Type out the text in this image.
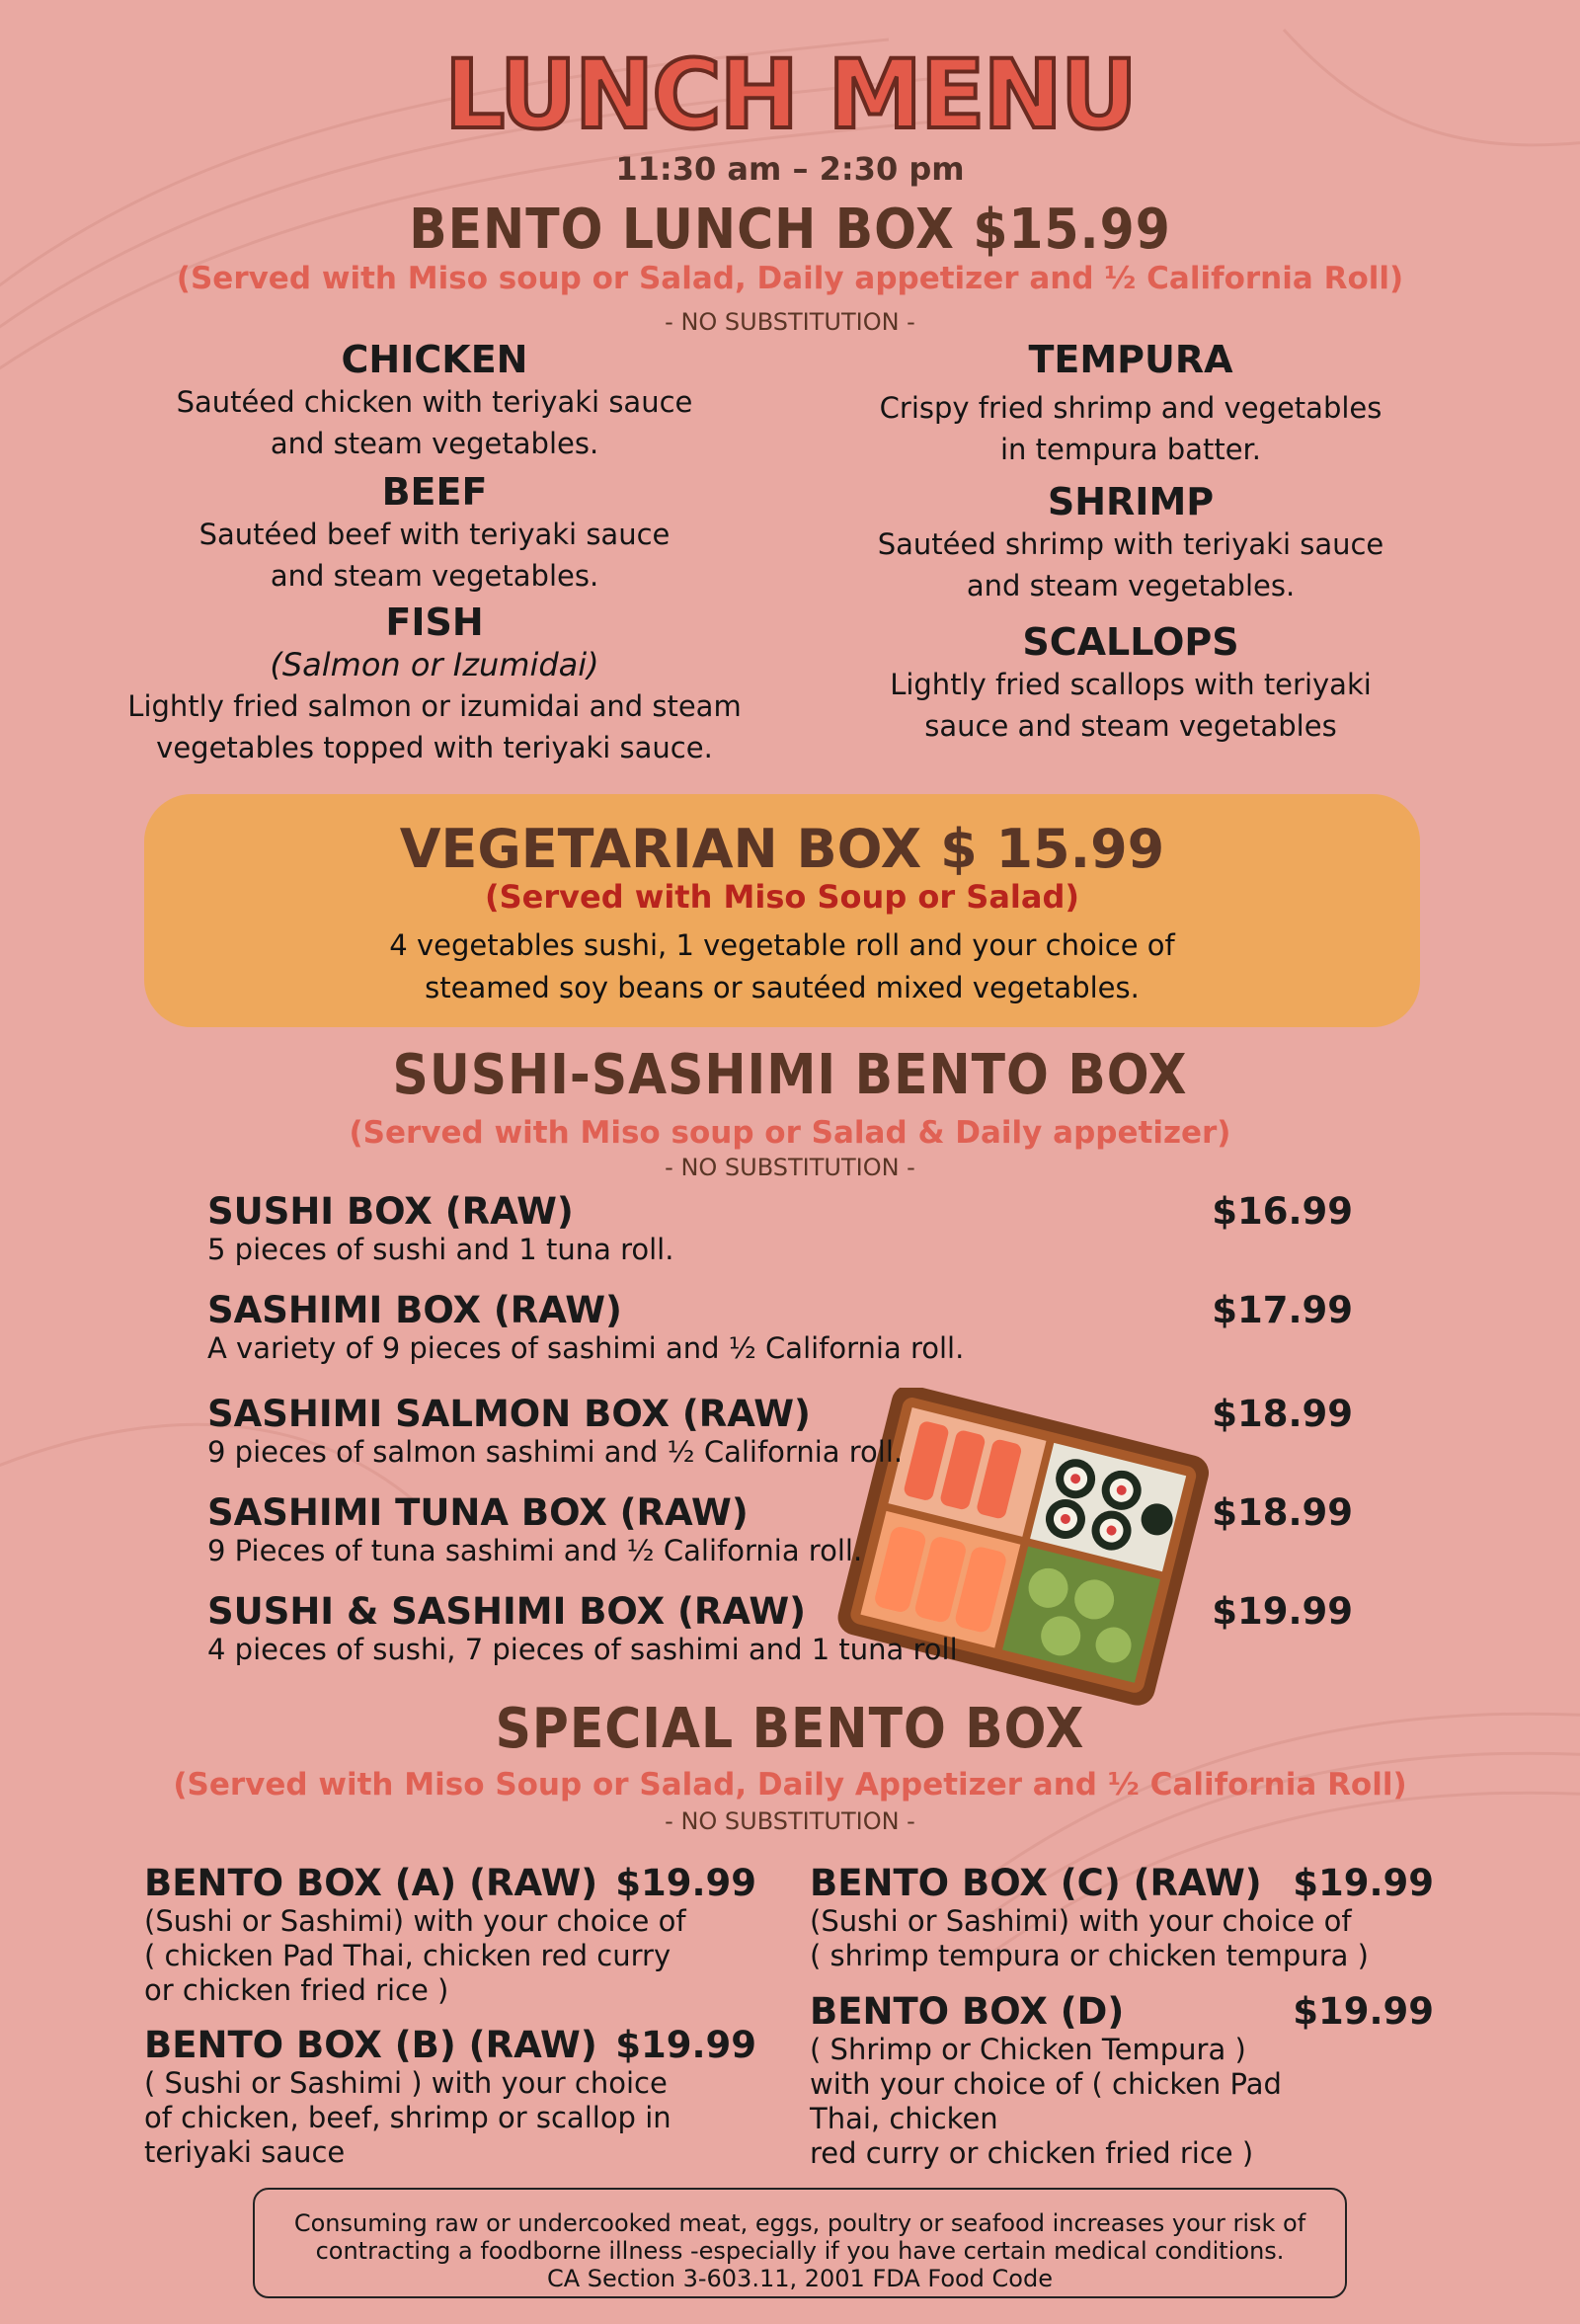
LUNCH MENU
11:30 am – 2:30 pm
BENTO LUNCH BOX $15.99
(Served with Miso soup or Salad, Daily appetizer and ½ California Roll)
- NO SUBSTITUTION -
CHICKEN
Sautéed chicken with teriyaki sauce
and steam vegetables.
BEEF
Sautéed beef with teriyaki sauce
and steam vegetables.
FISH
(Salmon or Izumidai)
Lightly fried salmon or izumidai and steam
vegetables topped with teriyaki sauce.
TEMPURA
Crispy fried shrimp and vegetables
in tempura batter.
SHRIMP
Sautéed shrimp with teriyaki sauce
and steam vegetables.
SCALLOPS
Lightly fried scallops with teriyaki
sauce and steam vegetables
VEGETARIAN BOX $ 15.99
(Served with Miso Soup or Salad)
4 vegetables sushi, 1 vegetable roll and your choice of
steamed soy beans or sautéed mixed vegetables.
SUSHI-SASHIMI BENTO BOX
(Served with Miso soup or Salad & Daily appetizer)
- NO SUBSTITUTION -
SUSHI BOX (RAW)	$16.99
5 pieces of sushi and 1 tuna roll.
SASHIMI BOX (RAW)	$17.99
A variety of 9 pieces of sashimi and ½ California roll.
SASHIMI SALMON BOX (RAW)	$18.99
9 pieces of salmon sashimi and ½ California roll.
SASHIMI TUNA BOX (RAW)	$18.99
9 Pieces of tuna sashimi and ½ California roll.
SUSHI & SASHIMI BOX (RAW)	$19.99
4 pieces of sushi, 7 pieces of sashimi and 1 tuna roll
SPECIAL BENTO BOX
(Served with Miso Soup or Salad, Daily Appetizer and ½ California Roll)
- NO SUBSTITUTION -
BENTO BOX (A) (RAW) $19.99
(Sushi or Sashimi) with your choice of
( chicken Pad Thai, chicken red curry
or chicken fried rice )
BENTO BOX (B) (RAW) $19.99
( Sushi or Sashimi ) with your choice
of chicken, beef, shrimp or scallop in
teriyaki sauce
BENTO BOX (C) (RAW) $19.99
(Sushi or Sashimi) with your choice of
( shrimp tempura or chicken tempura )
BENTO BOX (D)	$19.99
( Shrimp or Chicken Tempura )
with your choice of ( chicken Pad
Thai, chicken
red curry or chicken fried rice )
Consuming raw or undercooked meat, eggs, poultry or seafood increases your risk of
contracting a foodborne illness -especially if you have certain medical conditions.
CA Section 3-603.11, 2001 FDA Food Code
